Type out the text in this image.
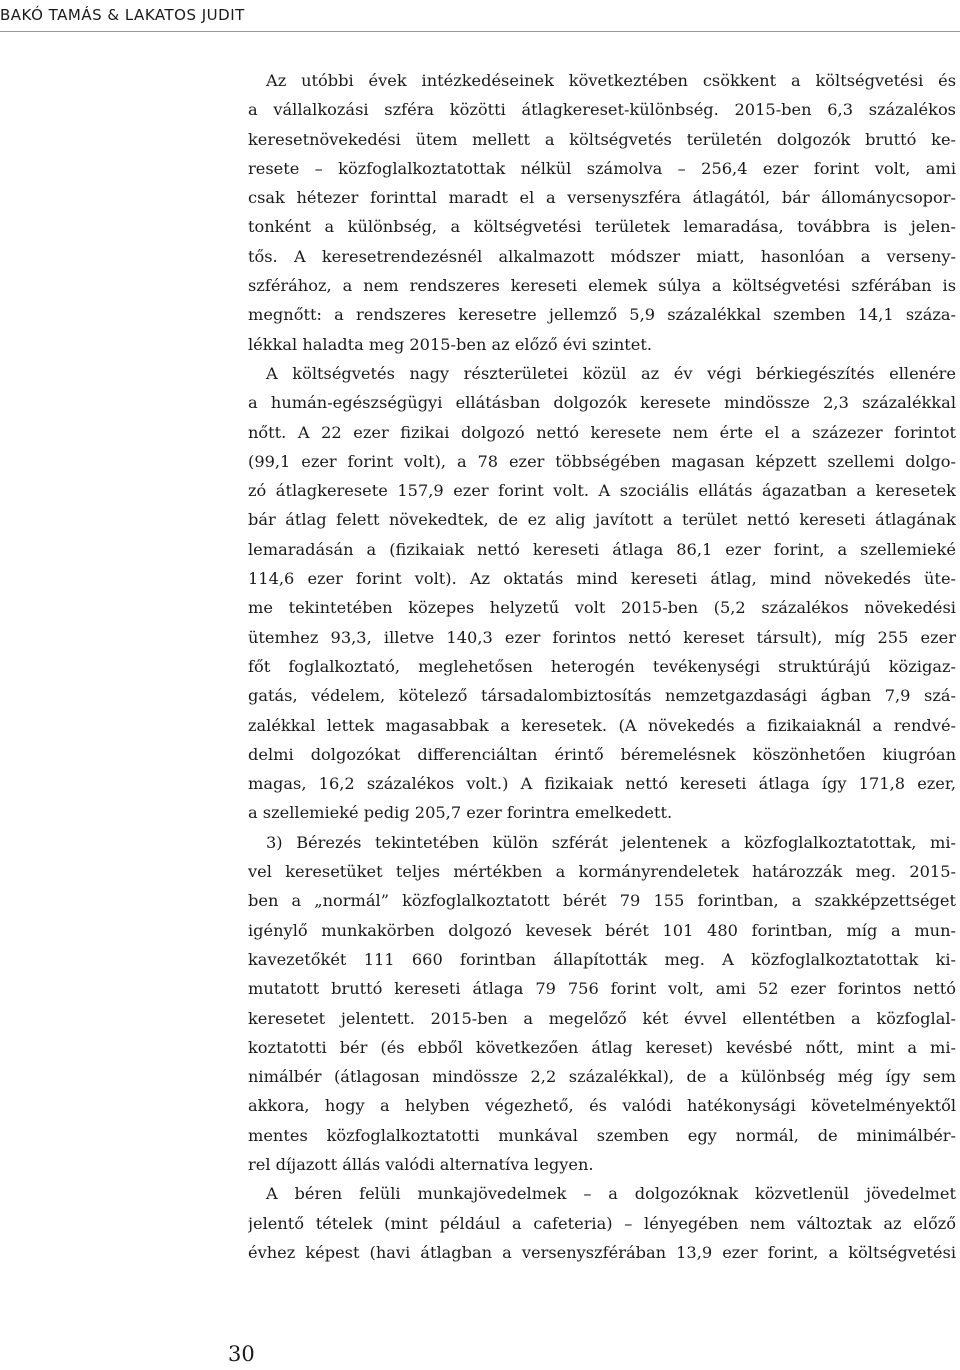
BAKÓ TAMÁS & LAKATOS JUDIT
Az utóbbi évek intézkedéseinek következtében csökkent a költségvetési és
a vállalkozási szféra közötti átlagkereset-különbség. 2015-ben 6,3 százalékos
keresetnövekedési ütem mellett a költségvetés területén dolgozók bruttó ke-
resete – közfoglalkoztatottak nélkül számolva – 256,4 ezer forint volt, ami
csak hétezer forinttal maradt el a versenyszféra átlagától, bár állománycsopor-
tonként a különbség, a költségvetési területek lemaradása, továbbra is jelen-
tős. A keresetrendezésnél alkalmazott módszer miatt, hasonlóan a verseny-
szférához, a nem rendszeres kereseti elemek súlya a költségvetési szférában is
megnőtt: a rendszeres keresetre jellemző 5,9 százalékkal szemben 14,1 száza-
lékkal haladta meg 2015-ben az előző évi szintet.
A költségvetés nagy részterületei közül az év végi bérkiegészítés ellenére
a humán-egészségügyi ellátásban dolgozók keresete mindössze 2,3 százalékkal
nőtt. A 22 ezer fizikai dolgozó nettó keresete nem érte el a százezer forintot
(99,1 ezer forint volt), a 78 ezer többségében magasan képzett szellemi dolgo-
zó átlagkeresete 157,9 ezer forint volt. A szociális ellátás ágazatban a keresetek
bár átlag felett növekedtek, de ez alig javított a terület nettó kereseti átlagának
lemaradásán a (fizikaiak nettó kereseti átlaga 86,1 ezer forint, a szellemieké
114,6 ezer forint volt). Az oktatás mind kereseti átlag, mind növekedés üte-
me tekintetében közepes helyzetű volt 2015-ben (5,2 százalékos növekedési
ütemhez 93,3, illetve 140,3 ezer forintos nettó kereset társult), míg 255 ezer
főt foglalkoztató, meglehetősen heterogén tevékenységi struktúrájú közigaz-
gatás, védelem, kötelező társadalombiztosítás nemzetgazdasági ágban 7,9 szá-
zalékkal lettek magasabbak a keresetek. (A növekedés a fizikaiaknál a rendvé-
delmi dolgozókat differenciáltan érintő béremelésnek köszönhetően kiugróan
magas, 16,2 százalékos volt.) A fizikaiak nettó kereseti átlaga így 171,8 ezer,
a szellemieké pedig 205,7 ezer forintra emelkedett.
3) Bérezés tekintetében külön szférát jelentenek a közfoglalkoztatottak, mi-
vel keresetüket teljes mértékben a kormányrendeletek határozzák meg. 2015-
ben a „normál” közfoglalkoztatott bérét 79 155 forintban, a szakképzettséget
igénylő munkakörben dolgozó kevesek bérét 101 480 forintban, míg a mun-
kavezetőkét 111 660 forintban állapították meg. A közfoglalkoztatottak ki-
mutatott bruttó kereseti átlaga 79 756 forint volt, ami 52 ezer forintos nettó
keresetet jelentett. 2015-ben a megelőző két évvel ellentétben a közfoglal-
koztatotti bér (és ebből következően átlag kereset) kevésbé nőtt, mint a mi-
nimálbér (átlagosan mindössze 2,2 százalékkal), de a különbség még így sem
akkora, hogy a helyben végezhető, és valódi hatékonysági követelményektől
mentes közfoglalkoztatotti munkával szemben egy normál, de minimálbér-
rel díjazott állás valódi alternatíva legyen.
A béren felüli munkajövedelmek – a dolgozóknak közvetlenül jövedelmet
jelentő tételek (mint például a cafeteria) – lényegében nem változtak az előző
évhez képest (havi átlagban a versenyszférában 13,9 ezer forint, a költségvetési
30
